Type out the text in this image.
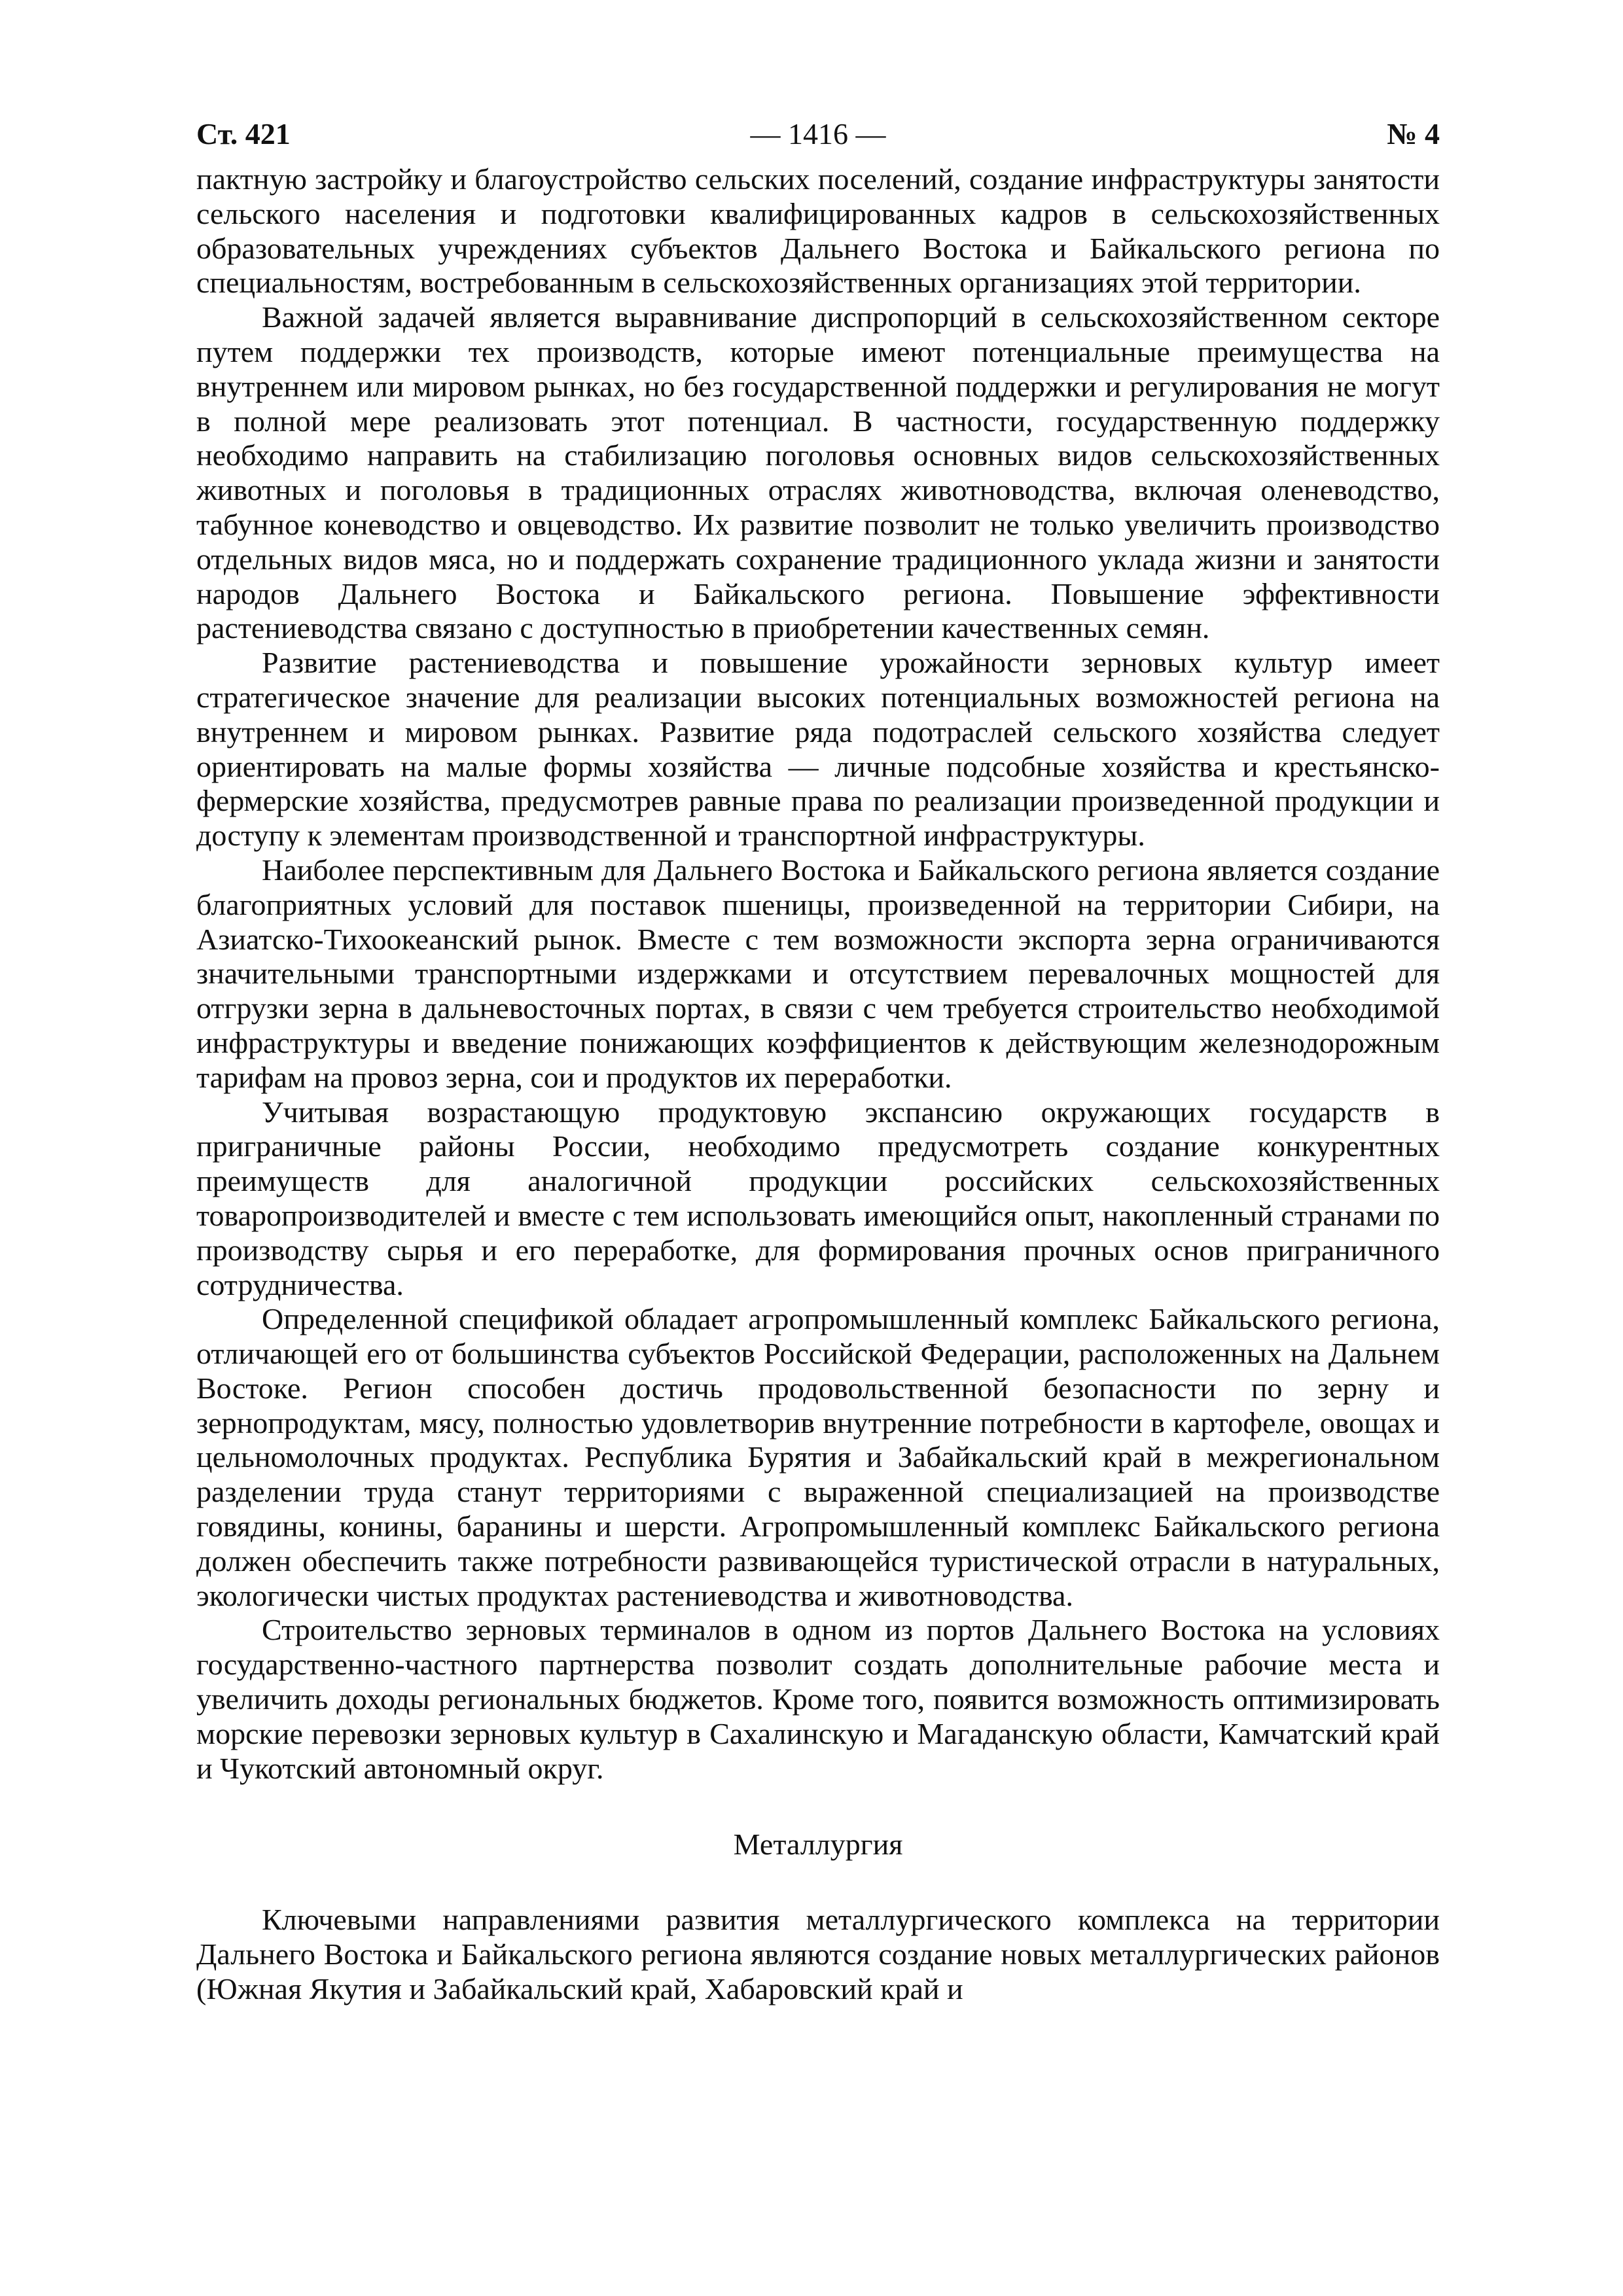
Ст. 421	— 1416 —	№ 4

пактную застройку и благоустройство сельских поселений, создание инфраструктуры занятости сельского населения и подготовки квалифицированных кадров в сельскохозяйственных образовательных учреждениях субъектов Дальнего Востока и Байкальского региона по специальностям, востребованным в сельскохозяйственных организациях этой территории.

Важной задачей является выравнивание диспропорций в сельскохозяйственном секторе путем поддержки тех производств, которые имеют потенциальные преимущества на внутреннем или мировом рынках, но без государственной поддержки и регулирования не могут в полной мере реализовать этот потенциал. В частности, государственную поддержку необходимо направить на стабилизацию поголовья основных видов сельскохозяйственных животных и поголовья в традиционных отраслях животноводства, включая оленеводство, табунное коневодство и овцеводство. Их развитие позволит не только увеличить производство отдельных видов мяса, но и поддержать сохранение традиционного уклада жизни и занятости народов Дальнего Востока и Байкальского региона. Повышение эффективности растениеводства связано с доступностью в приобретении качественных семян.

Развитие растениеводства и повышение урожайности зерновых культур имеет стратегическое значение для реализации высоких потенциальных возможностей региона на внутреннем и мировом рынках. Развитие ряда подотраслей сельского хозяйства следует ориентировать на малые формы хозяйства — личные подсобные хозяйства и крестьянско-фермерские хозяйства, предусмотрев равные права по реализации произведенной продукции и доступу к элементам производственной и транспортной инфраструктуры.

Наиболее перспективным для Дальнего Востока и Байкальского региона является создание благоприятных условий для поставок пшеницы, произведенной на территории Сибири, на Азиатско-Тихоокеанский рынок. Вместе с тем возможности экспорта зерна ограничиваются значительными транспортными издержками и отсутствием перевалочных мощностей для отгрузки зерна в дальневосточных портах, в связи с чем требуется строительство необходимой инфраструктуры и введение понижающих коэффициентов к действующим железнодорожным тарифам на провоз зерна, сои и продуктов их переработки.

Учитывая возрастающую продуктовую экспансию окружающих государств в приграничные районы России, необходимо предусмотреть создание конкурентных преимуществ для аналогичной продукции российских сельскохозяйственных товаропроизводителей и вместе с тем использовать имеющийся опыт, накопленный странами по производству сырья и его переработке, для формирования прочных основ приграничного сотрудничества.

Определенной спецификой обладает агропромышленный комплекс Байкальского региона, отличающей его от большинства субъектов Российской Федерации, расположенных на Дальнем Востоке. Регион способен достичь продовольственной безопасности по зерну и зернопродуктам, мясу, полностью удовлетворив внутренние потребности в картофеле, овощах и цельномолочных продуктах. Республика Бурятия и Забайкальский край в межрегиональном разделении труда станут территориями с выраженной специализацией на производстве говядины, конины, баранины и шерсти. Агропромышленный комплекс Байкальского региона должен обеспечить также потребности развивающейся туристической отрасли в натуральных, экологически чистых продуктах растениеводства и животноводства.

Строительство зерновых терминалов в одном из портов Дальнего Востока на условиях государственно-частного партнерства позволит создать дополнительные рабочие места и увеличить доходы региональных бюджетов. Кроме того, появится возможность оптимизировать морские перевозки зерновых культур в Сахалинскую и Магаданскую области, Камчатский край и Чукотский автономный округ.

Металлургия

Ключевыми направлениями развития металлургического комплекса на территории Дальнего Востока и Байкальского региона являются создание новых металлургических районов (Южная Якутия и Забайкальский край, Хабаровский край и
